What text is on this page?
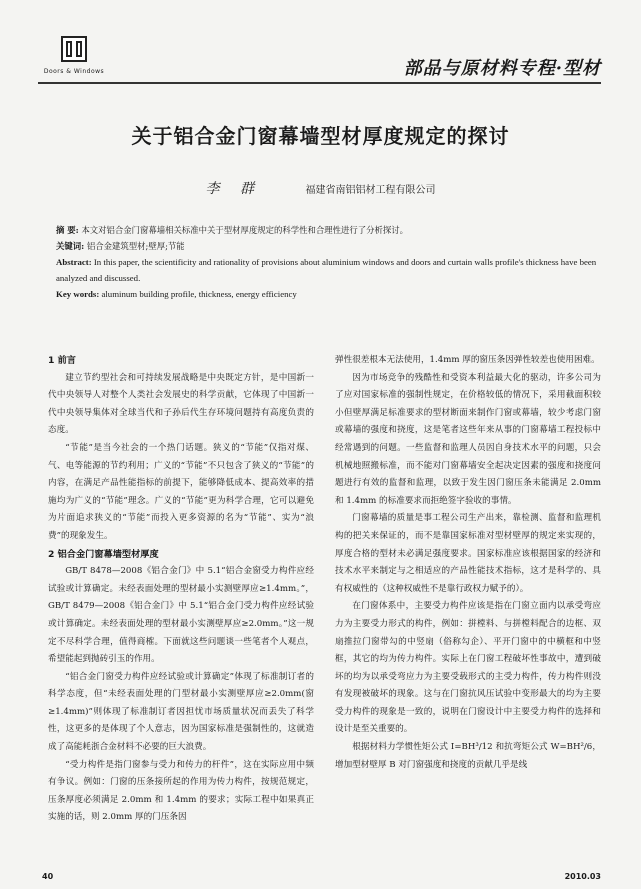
Doors & Windows	部品与原材料专程·型材
关于铝合金门窗幕墙型材厚度规定的探讨
李 群	福建省南铝铝材工程有限公司
摘 要: 本文对铝合金门窗幕墙相关标准中关于型材厚度规定的科学性和合理性进行了分析探讨。
关键词: 铝合金建筑型材;壁厚;节能
Abstract: In this paper, the scientificity and rationality of provisions about aluminium windows and doors and curtain walls profile's thickness have been analyzed and discussed.
Key words: aluminum building profile, thickness, energy efficiency

1 前言

建立节约型社会和可持续发展战略是中央既定方针，是中国新一代中央领导人对整个人类社会发展史的科学贡献，它体现了中国新一代中央领导集体对全球当代和子孙后代生存环境问题持有高度负责的态度。

“节能”是当今社会的一个热门话题。狭义的“节能”仅指对煤、气、电等能源的节约利用；广义的“节能”不只包含了狭义的“节能”的内容，在满足产品性能指标的前提下，能够降低成本、提高效率的措施均为广义的“节能”理念。广义的“节能”更为科学合理，它可以避免为片面追求狭义的“节能”而投入更多资源的名为“节能”、实为“浪费”的现象发生。

2 铝合金门窗幕墙型材厚度

GB/T 8478—2008《铝合金门》中 5.1“铝合金窗受力构件应经试验或计算确定。未经表面处理的型材最小实测壁厚应≥1.4mm。”，GB/T 8479—2008《铝合金门》中 5.1“铝合金门受力构件应经试验或计算确定。未经表面处理的型材最小实测壁厚应≥2.0mm。”这一规定不尽科学合理，值得商榷。下面就这些问题谈一些笔者个人观点，希望能起到抛砖引玉的作用。

“铝合金门窗受力构件应经试验或计算确定”体现了标准制订者的科学态度，但“未经表面处理的门型材最小实测壁厚应≥2.0mm(窗≥1.4mm)”则体现了标准制订者因担忧市场质量状况而丢失了科学性，这更多的是体现了个人意志，因为国家标准是强制性的，这就造成了高能耗浙合金材料不必要的巨大浪费。

“受力构件是指门窗参与受力和传力的杆件”，这在实际应用中频有争议。例如：门窗的压条接所起的作用为传力构件，按规范规定，压条厚度必须满足 2.0mm 和 1.4mm 的要求；实际工程中如果真正实施的话，则 2.0mm 厚的门压条因

弹性很差根本无法使用，1.4mm 厚的窗压条因弹性较差也使用困难。

因为市场竞争的残酷性和受资本利益最大化的驱动，许多公司为了应对国家标准的强制性规定，在价格较低的情况下，采用截面积较小但壁厚满足标准要求的型材断面来制作门窗或幕墙，较少考虑门窗或幕墙的强度和挠度，这是笔者这些年来从事的门窗幕墙工程投标中经常遇到的问题。一些监督和监理人员因自身技术水平的问题，只会机械地照搬标准，而不能对门窗幕墙安全起决定因素的强度和挠度问题进行有效的监督和监理，以致于发生因门窗压条未能满足 2.0mm 和 1.4mm 的标准要求而拒绝签字验收的事情。

门窗幕墙的质量是事工程公司生产出来，靠检测、监督和监理机构的把关来保证的，而不是靠国家标准对型材壁厚的规定来实现的，厚度合格的型材未必满足强度要求。国家标准应该根据国家的经济和技术水平来制定与之相适应的产品性能技术指标，这才是科学的、具有权威性的（这种权威性不是靠行政权力赋予的）。

在门窗体系中，主要受力构件应该是指在门窗立面内以承受弯应力为主要受力形式的构件，例如：拼樘料、与拼樘料配合的边框、双扇推拉门窗带勾的中竖扇（俗称勾企）、平开门窗中的中横框和中竖框，其它的均为传力构件。实际上在门窗工程破坏性事故中，遭到破坏的均为以承受弯应力为主要受载形式的主受力构件，传力构件则没有发现被破坏的现象。这与在门窗抗风压试验中变形最大的均为主要受力构件的现象是一致的，说明在门窗设计中主要受力构件的选择和设计是至关重要的。

根据材料力学惯性矩公式 I=BH³/12 和抗弯矩公式 W=BH²/6，增加型材壁厚 B 对门窗强度和挠度的贡献几乎是线

40	2010.03
